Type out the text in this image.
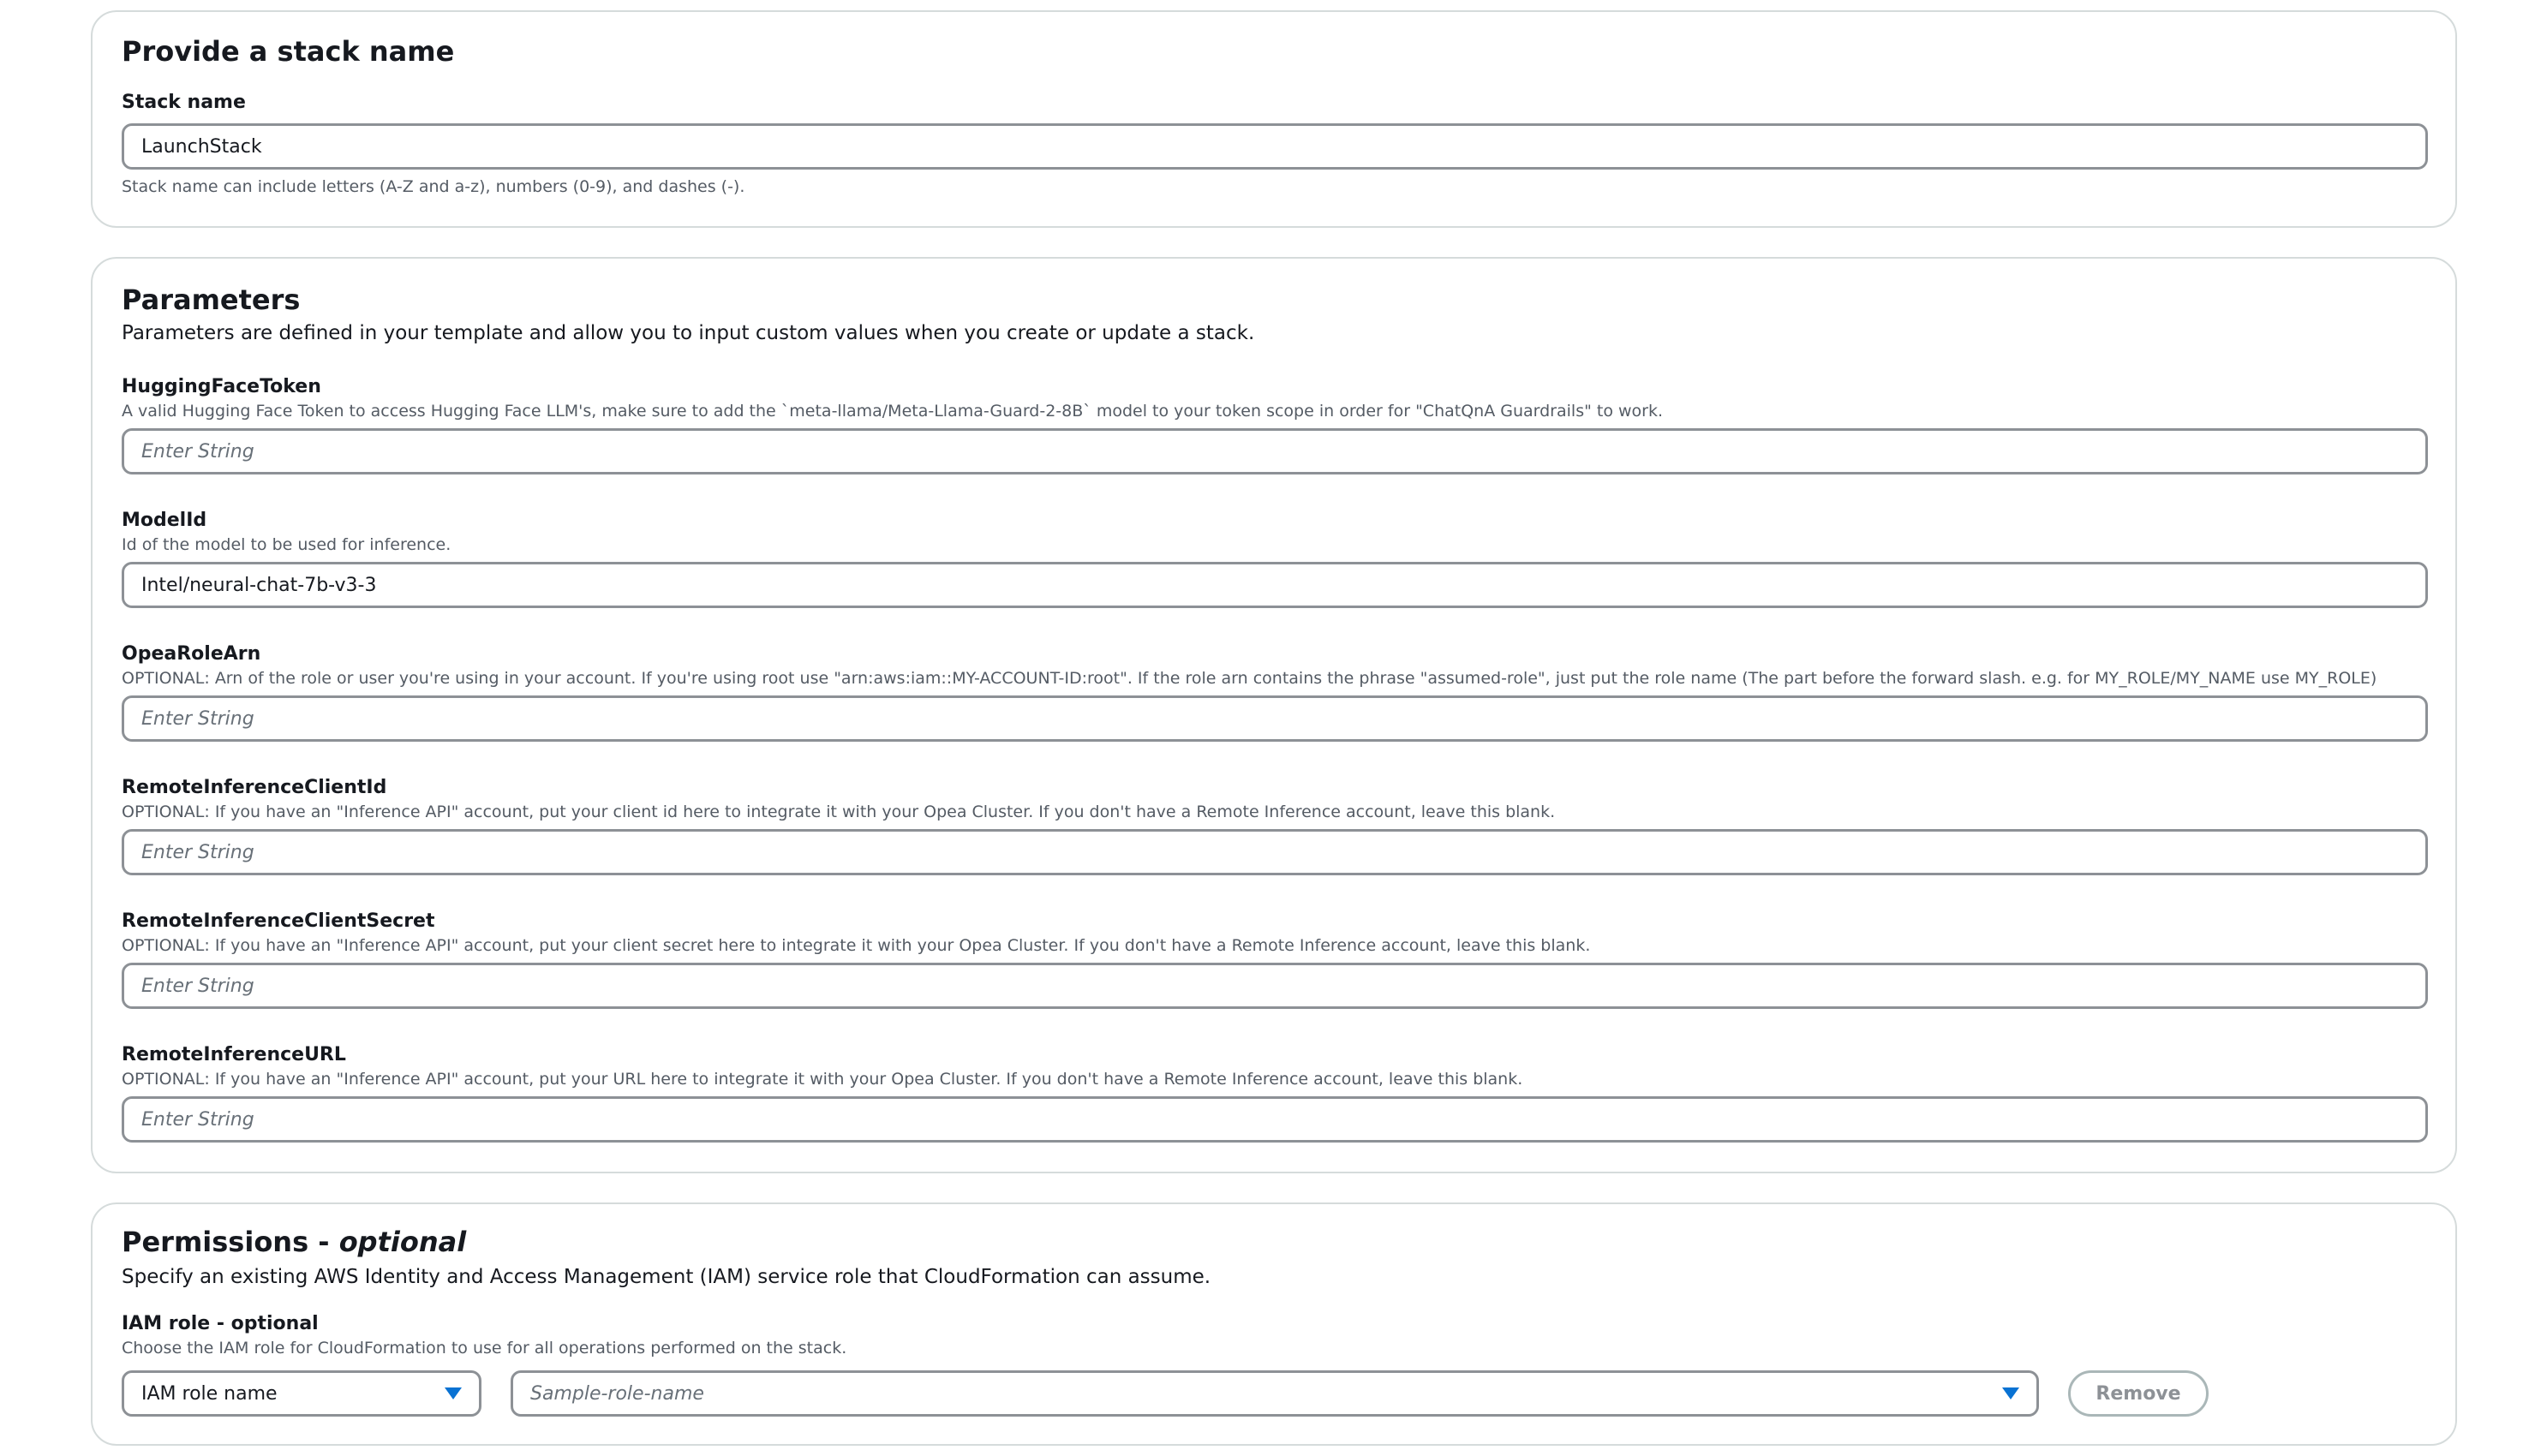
Provide a stack name
Stack name
LaunchStack
Stack name can include letters (A-Z and a-z), numbers (0-9), and dashes (-).
Parameters
Parameters are defined in your template and allow you to input custom values when you create or update a stack.
HuggingFaceToken
A valid Hugging Face Token to access Hugging Face LLM's, make sure to add the `meta-llama/Meta-Llama-Guard-2-8B` model to your token scope in order for "ChatQnA Guardrails" to work.
Enter String
ModelId
Id of the model to be used for inference.
Intel/neural-chat-7b-v3-3
OpeaRoleArn
OPTIONAL: Arn of the role or user you're using in your account. If you're using root use "arn:aws:iam::MY-ACCOUNT-ID:root". If the role arn contains the phrase "assumed-role", just put the role name (The part before the forward slash. e.g. for MY_ROLE/MY_NAME use MY_ROLE)
Enter String
RemoteInferenceClientId
OPTIONAL: If you have an "Inference API" account, put your client id here to integrate it with your Opea Cluster. If you don't have a Remote Inference account, leave this blank.
Enter String
RemoteInferenceClientSecret
OPTIONAL: If you have an "Inference API" account, put your client secret here to integrate it with your Opea Cluster. If you don't have a Remote Inference account, leave this blank.
Enter String
RemoteInferenceURL
OPTIONAL: If you have an "Inference API" account, put your URL here to integrate it with your Opea Cluster. If you don't have a Remote Inference account, leave this blank.
Enter String
Permissions - optional
Specify an existing AWS Identity and Access Management (IAM) service role that CloudFormation can assume.
IAM role - optional
Choose the IAM role for CloudFormation to use for all operations performed on the stack.
IAM role name	Sample-role-name	Remove
